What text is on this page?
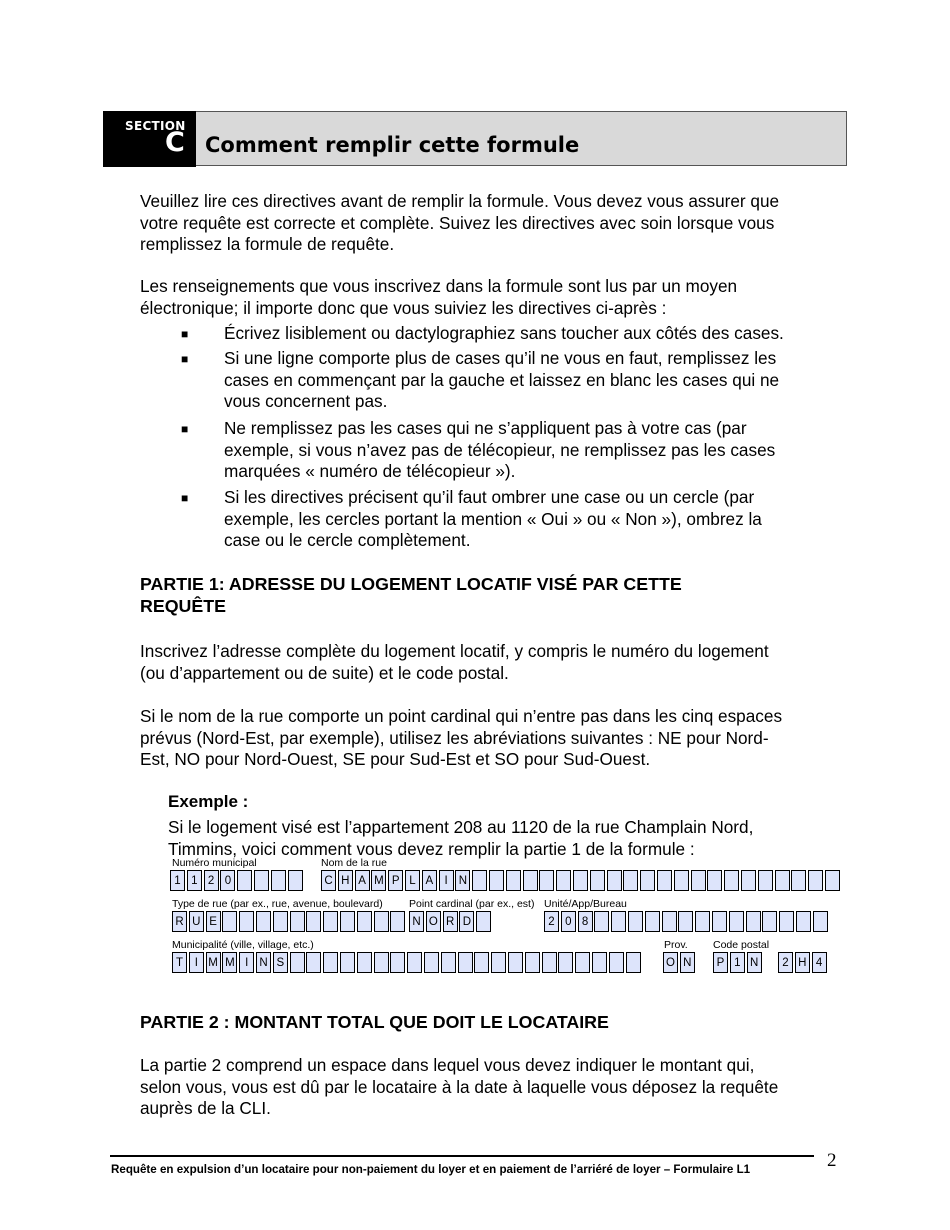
SECTION
C Comment remplir cette formule
Veuillez lire ces directives avant de remplir la formule. Vous devez vous assurer que
votre requête est correcte et complète. Suivez les directives avec soin lorsque vous
remplissez la formule de requête.
Les renseignements que vous inscrivez dans la formule sont lus par un moyen
électronique; il importe donc que vous suiviez les directives ci-après :
■ Écrivez lisiblement ou dactylographiez sans toucher aux côtés des cases.
■ Si une ligne comporte plus de cases qu’il ne vous en faut, remplissez les
cases en commençant par la gauche et laissez en blanc les cases qui ne
vous concernent pas.
■ Ne remplissez pas les cases qui ne s’appliquent pas à votre cas (par
exemple, si vous n’avez pas de télécopieur, ne remplissez pas les cases
marquées « numéro de télécopieur »).
■ Si les directives précisent qu’il faut ombrer une case ou un cercle (par
exemple, les cercles portant la mention « Oui » ou « Non »), ombrez la
case ou le cercle complètement.
PARTIE 1: ADRESSE DU LOGEMENT LOCATIF VISÉ PAR CETTE
REQUÊTE
Inscrivez l’adresse complète du logement locatif, y compris le numéro du logement
(ou d’appartement ou de suite) et le code postal.
Si le nom de la rue comporte un point cardinal qui n’entre pas dans les cinq espaces
prévus (Nord-Est, par exemple), utilisez les abréviations suivantes : NE pour Nord-
Est, NO pour Nord-Ouest, SE pour Sud-Est et SO pour Sud-Ouest.
Exemple :
Si le logement visé est l’appartement 208 au 1120 de la rue Champlain Nord,
Timmins, voici comment vous devez remplir la partie 1 de la formule :
Numéro municipal
1 1 2 0
Nom de la rue
C H A M P L A I N
Type de rue (par ex., rue, avenue, boulevard)
R U E
Point cardinal (par ex., est)
N O R D
Unité/App/Bureau
2 0 8
Municipalité (ville, village, etc.)
T	I M M I N S
Prov.
O N
Code postal
P 1 N	2 H 4
PARTIE 2 : MONTANT TOTAL QUE DOIT LE LOCATAIRE
La partie 2 comprend un espace dans lequel vous devez indiquer le montant qui,
selon vous, vous est dû par le locataire à la date à laquelle vous déposez la requête
auprès de la CLI.
Requête en expulsion d’un locataire pour non-paiement du loyer et en paiement de l’arriéré de loyer – Formulaire L1	2
